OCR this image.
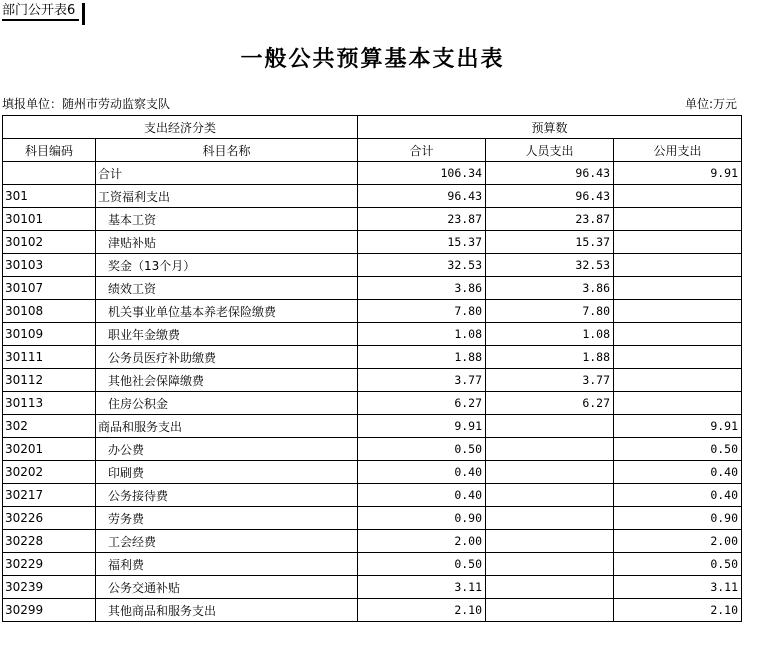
部门公开表6
一般公共预算基本支出表
填报单位：随州市劳动监察支队	单位:万元
支出经济分类		预算数		
科目编码	科目名称	合计	人员支出	公用支出
	合计	106.34	96.43	9.91
301	工资福利支出	96.43	96.43	
30101	基本工资	23.87	23.87	
30102	津贴补贴	15.37	15.37	
30103	奖金（13个月）	32.53	32.53	
30107	绩效工资	3.86	3.86	
30108	机关事业单位基本养老保险缴费	7.80	7.80	
30109	职业年金缴费	1.08	1.08	
30111	公务员医疗补助缴费	1.88	1.88	
30112	其他社会保障缴费	3.77	3.77	
30113	住房公积金	6.27	6.27	
302	商品和服务支出	9.91		9.91
30201	办公费	0.50		0.50
30202	印刷费	0.40		0.40
30217	公务接待费	0.40		0.40
30226	劳务费	0.90		0.90
30228	工会经费	2.00		2.00
30229	福利费	0.50		0.50
30239	公务交通补贴	3.11		3.11
30299	其他商品和服务支出	2.10		2.10
